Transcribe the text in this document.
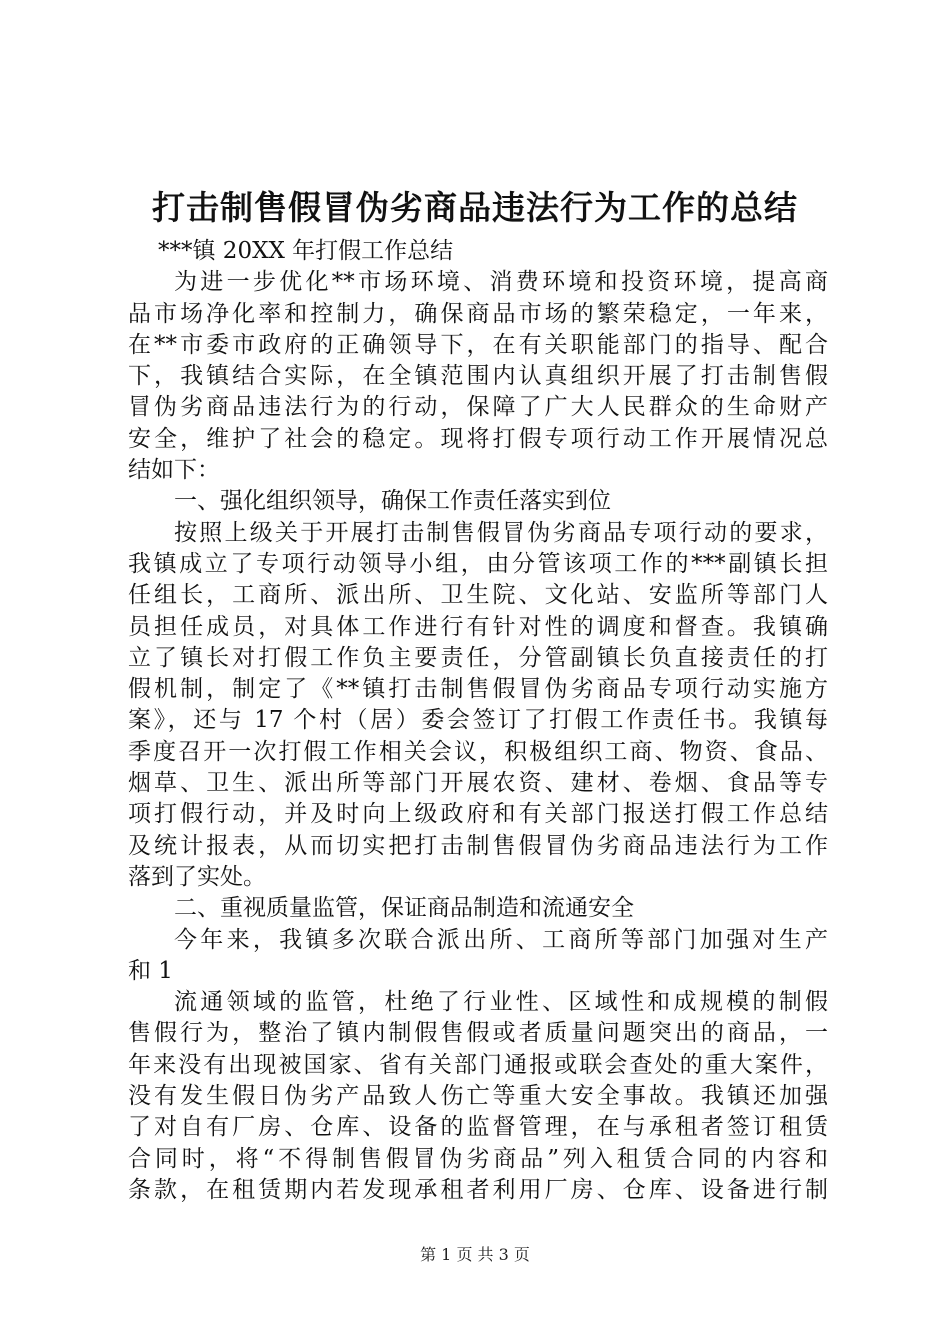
打击制售假冒伪劣商品违法行为工作的总结
***镇 20XX 年打假工作总结
为进一步优化**市场环境、消费环境和投资环境，提高商
品市场净化率和控制力，确保商品市场的繁荣稳定，一年来，
在**市委市政府的正确领导下，在有关职能部门的指导、配合
下，我镇结合实际，在全镇范围内认真组织开展了打击制售假
冒伪劣商品违法行为的行动，保障了广大人民群众的生命财产
安全，维护了社会的稳定。现将打假专项行动工作开展情况总
结如下：
一、强化组织领导，确保工作责任落实到位
按照上级关于开展打击制售假冒伪劣商品专项行动的要求，
我镇成立了专项行动领导小组，由分管该项工作的***副镇长担
任组长，工商所、派出所、卫生院、文化站、安监所等部门人
员担任成员，对具体工作进行有针对性的调度和督查。我镇确
立了镇长对打假工作负主要责任，分管副镇长负直接责任的打
假机制，制定了《**镇打击制售假冒伪劣商品专项行动实施方
案》，还与 17 个村（居）委会签订了打假工作责任书。我镇每
季度召开一次打假工作相关会议，积极组织工商、物资、食品、
烟草、卫生、派出所等部门开展农资、建材、卷烟、食品等专
项打假行动，并及时向上级政府和有关部门报送打假工作总结
及统计报表，从而切实把打击制售假冒伪劣商品违法行为工作
落到了实处。
二、重视质量监管，保证商品制造和流通安全
今年来，我镇多次联合派出所、工商所等部门加强对生产
和 1
流通领域的监管，杜绝了行业性、区域性和成规模的制假
售假行为，整治了镇内制假售假或者质量问题突出的商品，一
年来没有出现被国家、省有关部门通报或联会查处的重大案件，
没有发生假日伪劣产品致人伤亡等重大安全事故。我镇还加强
了对自有厂房、仓库、设备的监督管理，在与承租者签订租赁
合同时，将“不得制售假冒伪劣商品”列入租赁合同的内容和
条款，在租赁期内若发现承租者利用厂房、仓库、设备进行制
第 1 页 共 3 页
